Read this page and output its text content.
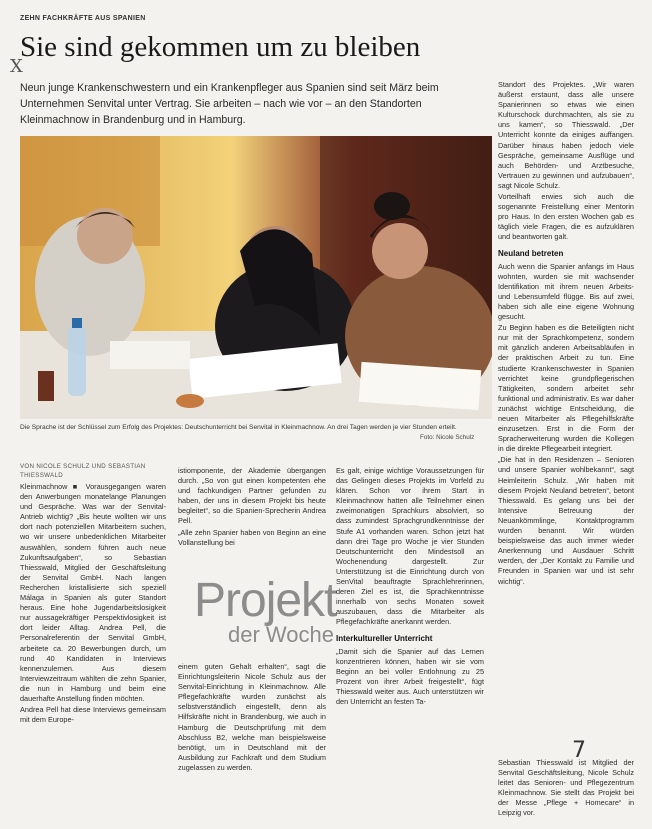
ZEHN FACHKRÄFTE AUS SPANIEN
Sie sind gekommen um zu bleiben
X
Neun junge Krankenschwestern und ein Krankenpfleger aus Spanien sind seit März beim Unternehmen Senvital unter Vertrag. Sie arbeiten – nach wie vor – an den Standorten Kleinmachnow in Brandenburg und in Hamburg.
Die Sprache ist der Schlüssel zum Erfolg des Projektes: Deutschunterricht bei Senvital in Kleinmachnow. An drei Tagen werden je vier Stunden erteilt.
Foto: Nicole Schulz
VON NICOLE SCHULZ UND SEBASTIAN THIESSWALD

Kleinmachnow ■ Vorausgegangen waren den Anwerbungen monatelange Planungen und Gespräche. Was war der Senvital-Antrieb wichtig? „Bis heute wollten wir uns dort nach potenziellen Mitarbeitern suchen, wo wir unsere unbedenklichen Mitarbeiter auswählen, sondern führen auch neue Zukunftsaufgaben“, so Sebastian Thiesswald, Mitglied der Geschäftsleitung der Senvital GmbH. Nach langen Recherchen kristallisierte sich speziell Málaga in Spanien als guter Standort heraus. Eine hohe Jugendarbeitslosigkeit nur aussagekräftiger Perspektivlosigkeit ist dort leider Alltag. Andrea Pell, die Personalreferentin der Senvital GmbH, arbeitete ca. 20 Bewerbungen durch, um rund 40 Kandidaten in Interviews kennenzulernen. Aus diesem Interviewzeitraum wählten die zehn Spanier, die nun in Hamburg und beim eine dauerhafte Anstellung finden möchten.

Andrea Pell hat diese Interviews gemeinsam mit dem Europe-

istiomponente, der Akademie übergangen durch. „So von gut einen kompetenten ehe und fachkundigen Partner gefunden zu haben, der uns in diesem Projekt bis heute begleitet“, so die Spanien-Sprecherin Andrea Pell.

„Alle zehn Spanier haben von Beginn an eine Vollanstellung bei

Projekt
der Woche

einem guten Gehalt erhalten“, sagt die Einrichtungsleiterin Nicole Schulz aus der Senvital-Einrichtung in Kleinmachnow. Alle Pflegefachkräfte wurden zunächst als selbstverständlich eingestellt, denn als Hilfskräfte nicht in Brandenburg, wie auch in Hamburg die Deutschprüfung mit dem Abschluss B2, welche man beispielsweise benötigt, um in Deutschland mit der Ausbildung zur Fachkraft und dem Studium zugelassen zu werden.

Es galt, einige wichtige Voraussetzungen für das Gelingen dieses Projekts im Vorfeld zu klären. Schon vor ihrem Start in Kleinmachnow hatten alle Teilnehmer einen zweimonatigen Sprachkurs absolviert, so dass zumindest Sprachgrundkenntnisse der Stufe A1 vorhanden waren. Schon jetzt hat dann drei Tage pro Woche je vier Stunden Deutschunterricht den Mindestsoll an Wochenendung dargestellt. Zur Unterstützung ist die Einrichtung durch von SenVital beauftragte Sprachlehrerinnen, deren Ziel es ist, die Sprachkenntnisse innerhalb von sechs Monaten soweit auszubauen, dass die Mitarbeiter als Pflegefachkräfte anerkannt werden.

Interkultureller Unterricht

„Damit sich die Spanier auf das Lernen konzentrieren können, haben wir sie vom Beginn an bei voller Entlohnung zu 25 Prozent von ihrer Arbeit freigestellt“, fügt Thiesswald weiter aus. Auch unterstützen wir den Unterricht an festen Ta-

Standort des Projektes. „Wir waren äußerst erstaunt, dass alle unsere Spanierinnen so etwas wie einen Kulturschock durchmachten, als sie zu uns kamen“, so Thiesswald. „Der Unterricht konnte da einiges auffangen. Darüber hinaus haben jedoch viele Gespräche, gemeinsame Ausflüge und auch Behörden- und Arztbesuche, Vertrauen zu gewinnen und aufzubauen“, sagt Nicole Schulz.

Vorteilhaft erwies sich auch die sogenannte Freistellung einer Mentorin pro Haus. In den ersten Wochen gab es täglich viele Fragen, die es aufzuklären und beantworten galt.

Neuland betreten

Auch wenn die Spanier anfangs im Haus wohnten, wurden sie mit wachsender Identifikation mit ihrem neuen Arbeits- und Lebensumfeld flügge. Bis auf zwei, haben sich alle eine eigene Wohnung gesucht.

Zu Beginn haben es die Beteiligten nicht nur mit der Sprachkompetenz, sondern mit gänzlich anderen Arbeitsabläufen in der praktischen Arbeit zu tun. Eine studierte Krankenschwester in Spanien verrichtet keine grundpflegerischen Tätigkeiten, sondern arbeitet sehr funktional und administrativ. Es war daher zunächst wichtige Entscheidung, die neuen Mitarbeiter als Pflegehilfskräfte einzusetzen. Erst in die Form der Spracherweiterung wurden die Kollegen in die direkte Pflegearbeit integriert.

„Die hat in den Residenzen – Senioren und unsere Spanier wohlbekannt“, sagt Heimleiterin Schulz. „Wir haben mit diesem Projekt Neuland betreten“, betont Thiesswald. Es gelang uns bei der Intensive Betreuung der Neuankömmlinge, Kontaktprogramm wurden benannt. Wir würden beispielsweise das auch immer wieder Anerkennung und Ausdauer Schritt werden, der „Der Kontakt zu Familie und Freunden in Spanien war und ist sehr wichtig“.

7

Sebastian Thiesswald ist Mitglied der Senvital Geschäftsleitung, Nicole Schulz leitet das Senioren- und Pflegezentrum Kleinmachnow. Sie stellt das Projekt bei der Messe „Pflege + Homecare“ in Leipzig vor.
